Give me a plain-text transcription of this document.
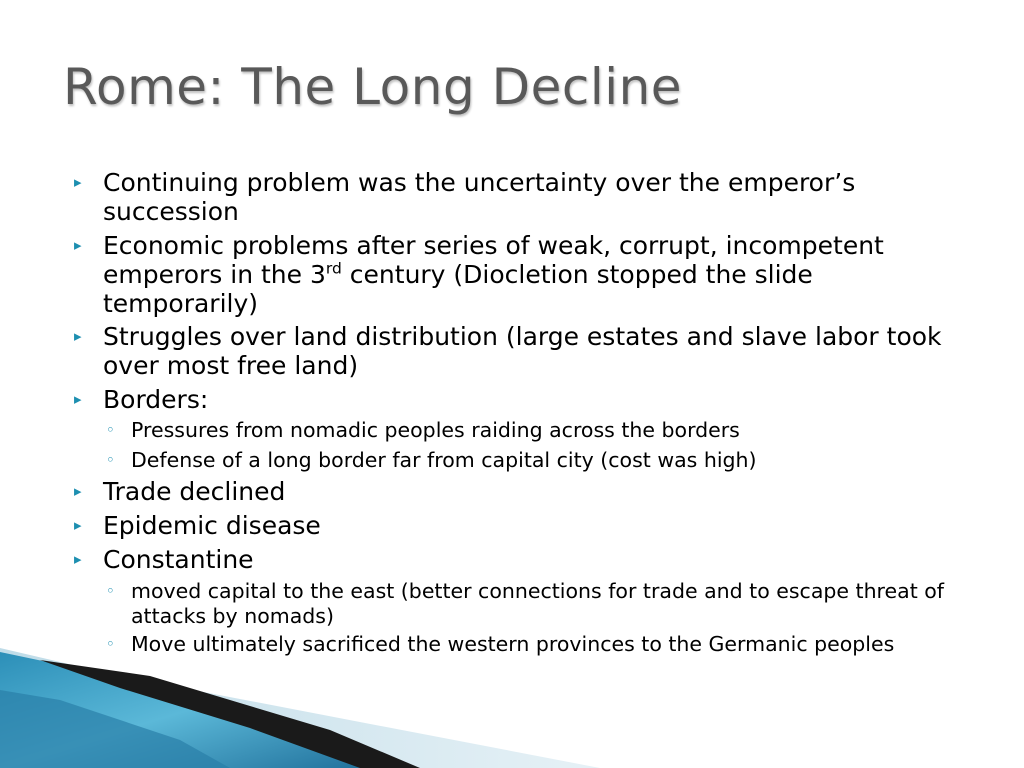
Rome: The Long Decline
▸ Continuing problem was the uncertainty over the emperor’s succession
▸ Economic problems after series of weak, corrupt, incompetent emperors in the 3rd century (Diocletion stopped the slide temporarily)
▸ Struggles over land distribution (large estates and slave labor took over most free land)
▸ Borders:
◦ Pressures from nomadic peoples raiding across the borders
◦ Defense of a long border far from capital city (cost was high)
▸ Trade declined
▸ Epidemic disease
▸ Constantine
◦ moved capital to the east (better connections for trade and to escape threat of attacks by nomads)
◦ Move ultimately sacrificed the western provinces to the Germanic peoples
